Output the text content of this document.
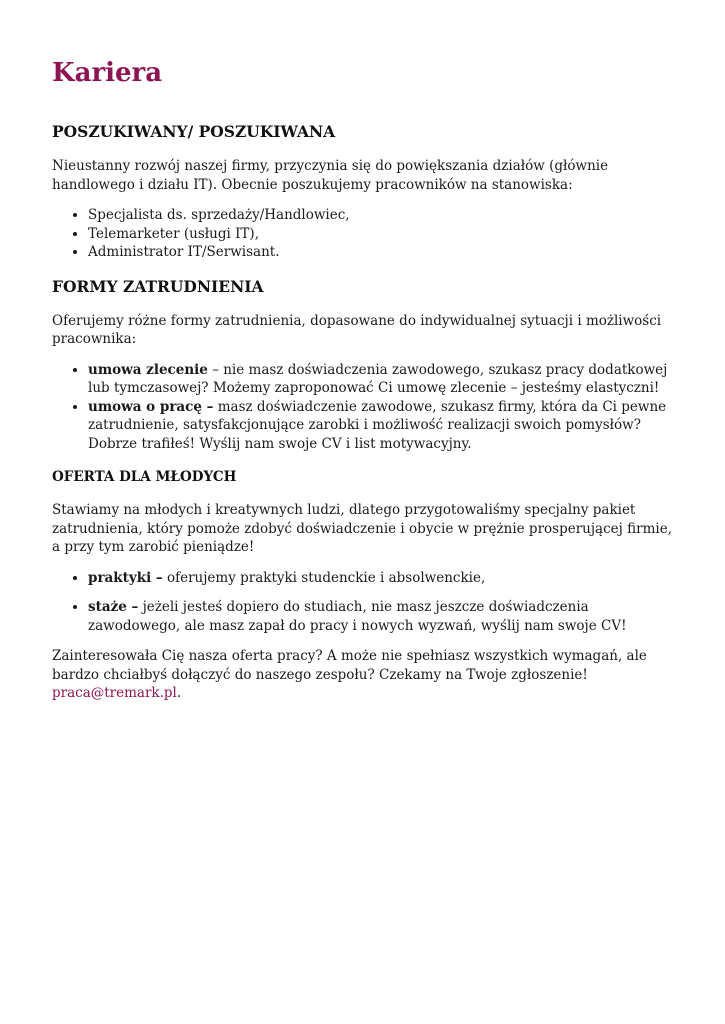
Kariera
POSZUKIWANY/ POSZUKIWANA

Nieustanny rozwój naszej firmy, przyczynia się do powiększania działów (głównie handlowego i działu IT). Obecnie poszukujemy pracowników na stanowiska:

• Specjalista ds. sprzedaży/Handlowiec,
• Telemarketer (usługi IT),
• Administrator IT/Serwisant.
FORMY ZATRUDNIENIA

Oferujemy różne formy zatrudnienia, dopasowane do indywidualnej sytuacji i możliwości pracownika:

• umowa zlecenie – nie masz doświadczenia zawodowego, szukasz pracy dodatkowej lub tymczasowej? Możemy zaproponować Ci umowę zlecenie – jesteśmy elastyczni!
• umowa o pracę – masz doświadczenie zawodowe, szukasz firmy, która da Ci pewne zatrudnienie, satysfakcjonujące zarobki i możliwość realizacji swoich pomysłów? Dobrze trafiłeś! Wyślij nam swoje CV i list motywacyjny.
OFERTA DLA MŁODYCH

Stawiamy na młodych i kreatywnych ludzi, dlatego przygotowaliśmy specjalny pakiet zatrudnienia, który pomoże zdobyć doświadczenie i obycie w prężnie prosperującej firmie, a przy tym zarobić pieniądze!

• praktyki – oferujemy praktyki studenckie i absolwenckie,
• staże – jeżeli jesteś dopiero do studiach, nie masz jeszcze doświadczenia zawodowego, ale masz zapał do pracy i nowych wyzwań, wyślij nam swoje CV!

Zainteresowała Cię nasza oferta pracy? A może nie spełniasz wszystkich wymagań, ale bardzo chciałbyś dołączyć do naszego zespołu? Czekamy na Twoje zgłoszenie! praca@tremark.pl.
